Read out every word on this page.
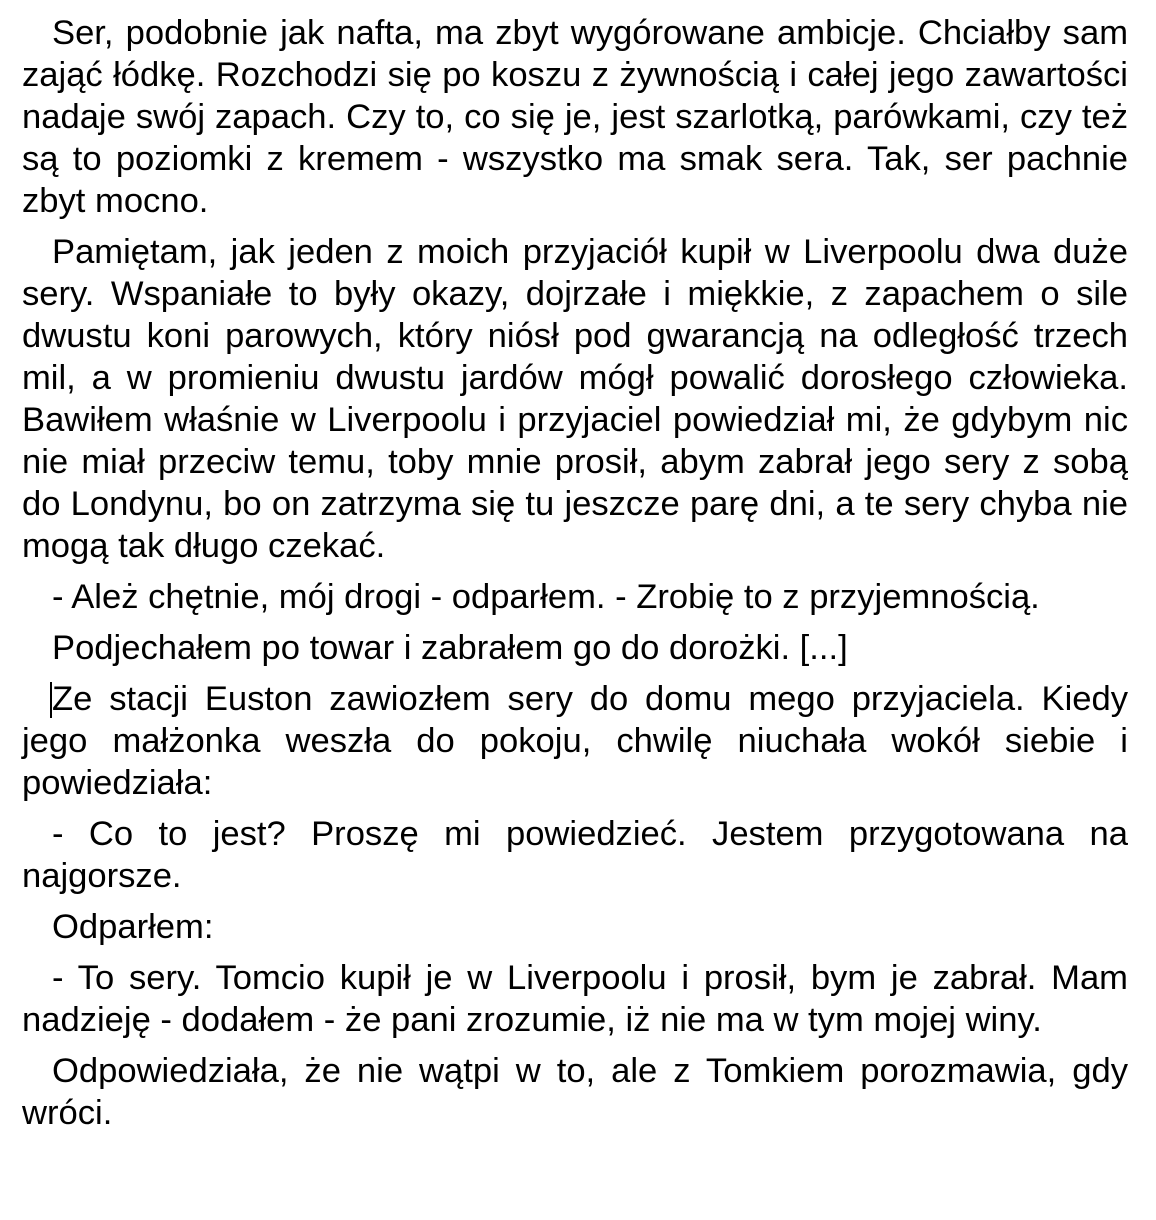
Ser, podobnie jak nafta, ma zbyt wygórowane ambicje. Chciałby sam zająć łódkę. Rozchodzi się po koszu z żywnością i całej jego zawartości nadaje swój zapach. Czy to, co się je, jest szarlotką, parówkami, czy też są to poziomki z kremem - wszystko ma smak sera. Tak, ser pachnie zbyt mocno.

Pamiętam, jak jeden z moich przyjaciół kupił w Liverpoolu dwa duże sery. Wspaniałe to były okazy, dojrzałe i miękkie, z zapachem o sile dwustu koni parowych, który niósł pod gwarancją na odległość trzech mil, a w promieniu dwustu jardów mógł powalić dorosłego człowieka. Bawiłem właśnie w Liverpoolu i przyjaciel powiedział mi, że gdybym nic nie miał przeciw temu, toby mnie prosił, abym zabrał jego sery z sobą do Londynu, bo on zatrzyma się tu jeszcze parę dni, a te sery chyba nie mogą tak długo czekać.

- Ależ chętnie, mój drogi - odparłem. - Zrobię to z przyjemnością.

Podjechałem po towar i zabrałem go do dorożki. [...]

Ze stacji Euston zawiozłem sery do domu mego przyjaciela. Kiedy jego małżonka weszła do pokoju, chwilę niuchała wokół siebie i powiedziała:

- Co to jest? Proszę mi powiedzieć. Jestem przygotowana na najgorsze.

Odparłem:

- To sery. Tomcio kupił je w Liverpoolu i prosił, bym je zabrał. Mam nadzieję - dodałem - że pani zrozumie, iż nie ma w tym mojej winy.

Odpowiedziała, że nie wątpi w to, ale z Tomkiem porozmawia, gdy wróci.
